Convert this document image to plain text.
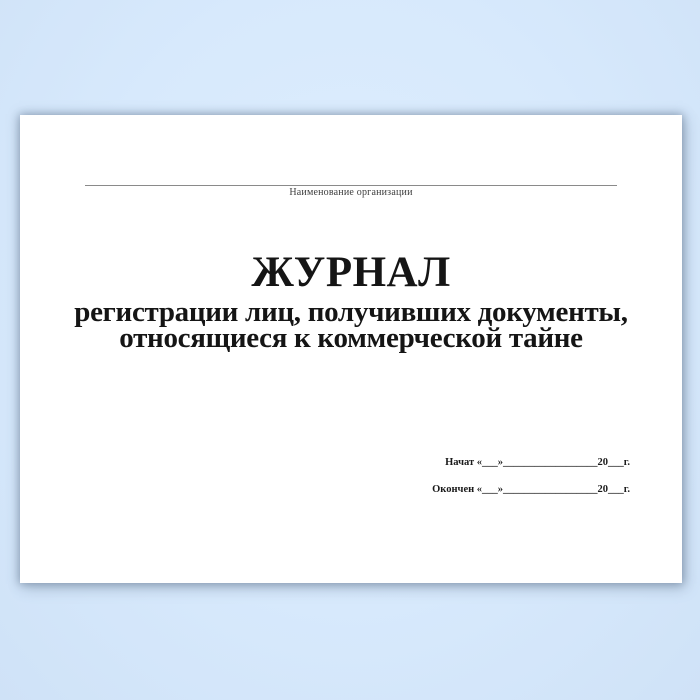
Наименование организации
ЖУРНАЛ
регистрации лиц, получивших документы,
относящиеся к коммерческой тайне
Начат «___»__________________20___г.
Окончен «___»__________________20___г.
